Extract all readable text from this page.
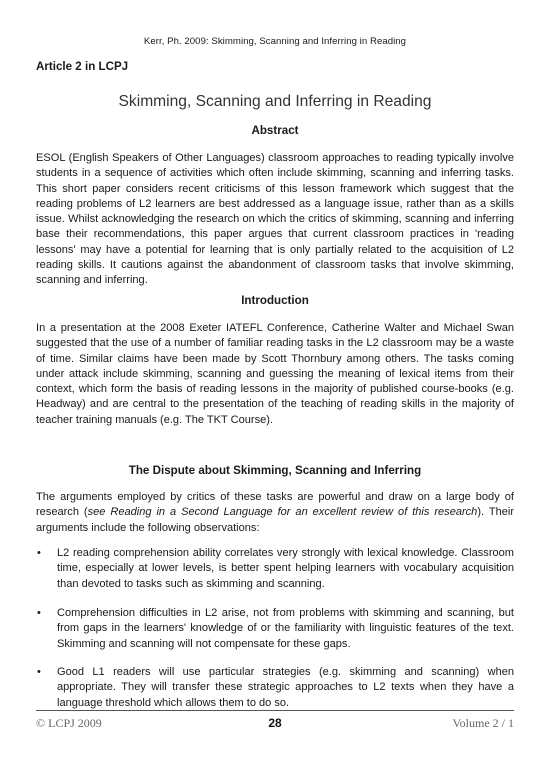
Kerr, Ph. 2009: Skimming, Scanning and Inferring in Reading
Article 2 in LCPJ
Skimming, Scanning and Inferring in Reading
Abstract

ESOL (English Speakers of Other Languages) classroom approaches to reading typically involve students in a sequence of activities which often include skimming, scanning and inferring tasks. This short paper considers recent criticisms of this lesson framework which suggest that the reading problems of L2 learners are best addressed as a language issue, rather than as a skills issue. Whilst acknowledging the research on which the critics of skimming, scanning and inferring base their recommendations, this paper argues that current classroom practices in 'reading lessons' may have a potential for learning that is only partially related to the acquisition of L2 reading skills. It cautions against the abandonment of classroom tasks that involve skimming, scanning and inferring.

Introduction

In a presentation at the 2008 Exeter IATEFL Conference, Catherine Walter and Michael Swan suggested that the use of a number of familiar reading tasks in the L2 classroom may be a waste of time. Similar claims have been made by Scott Thornbury among others. The tasks coming under attack include skimming, scanning and guessing the meaning of lexical items from their context, which form the basis of reading lessons in the majority of published course-books (e.g. Headway) and are central to the presentation of the teaching of reading skills in the majority of teacher training manuals (e.g. The TKT Course).

The Dispute about Skimming, Scanning and Inferring

The arguments employed by critics of these tasks are powerful and draw on a large body of research (see Reading in a Second Language for an excellent review of this research). Their arguments include the following observations:

• L2 reading comprehension ability correlates very strongly with lexical knowledge. Classroom time, especially at lower levels, is better spent helping learners with vocabulary acquisition than devoted to tasks such as skimming and scanning.
• Comprehension difficulties in L2 arise, not from problems with skimming and scanning, but from gaps in the learners' knowledge of or the familiarity with linguistic features of the text. Skimming and scanning will not compensate for these gaps.
• Good L1 readers will use particular strategies (e.g. skimming and scanning) when appropriate. They will transfer these strategic approaches to L2 texts when they have a language threshold which allows them to do so.
© LCPJ 2009	28	Volume 2 / 1
